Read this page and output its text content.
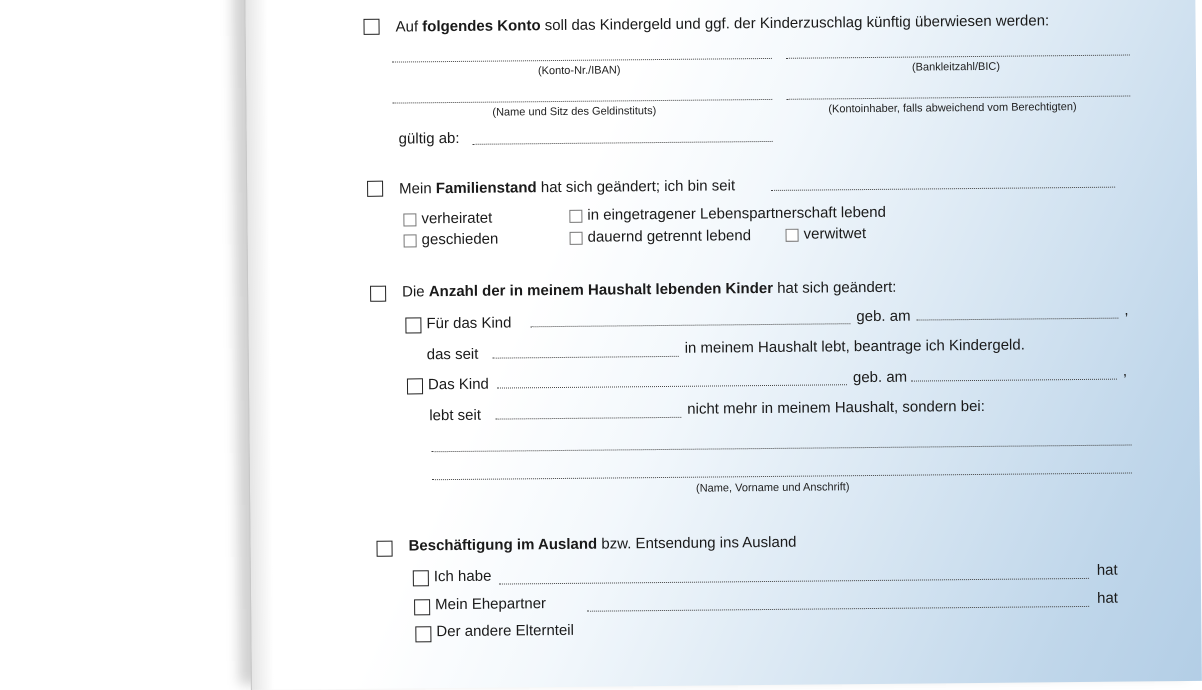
Auf folgendes Konto soll das Kindergeld und ggf. der Kinderzuschlag künftig überwiesen werden:
(Konto-Nr./IBAN)	(Bankleitzahl/BIC)
(Name und Sitz des Geldinstituts)	(Kontoinhaber, falls abweichend vom Berechtigten)
gültig ab:
Mein Familienstand hat sich geändert; ich bin seit
verheiratet
geschieden
in eingetragener Lebenspartnerschaft lebend
dauernd getrennt lebend	verwitwet
Die Anzahl der in meinem Haushalt lebenden Kinder hat sich geändert:
Für das Kind	geb. am	,
das seit	in meinem Haushalt lebt, beantrage ich Kindergeld.
Das Kind	geb. am	,
lebt seit	nicht mehr in meinem Haushalt, sondern bei:
(Name, Vorname und Anschrift)
Beschäftigung im Ausland bzw. Entsendung ins Ausland
Ich habe	hat
Mein Ehepartner	hat
Der andere Elternteil
